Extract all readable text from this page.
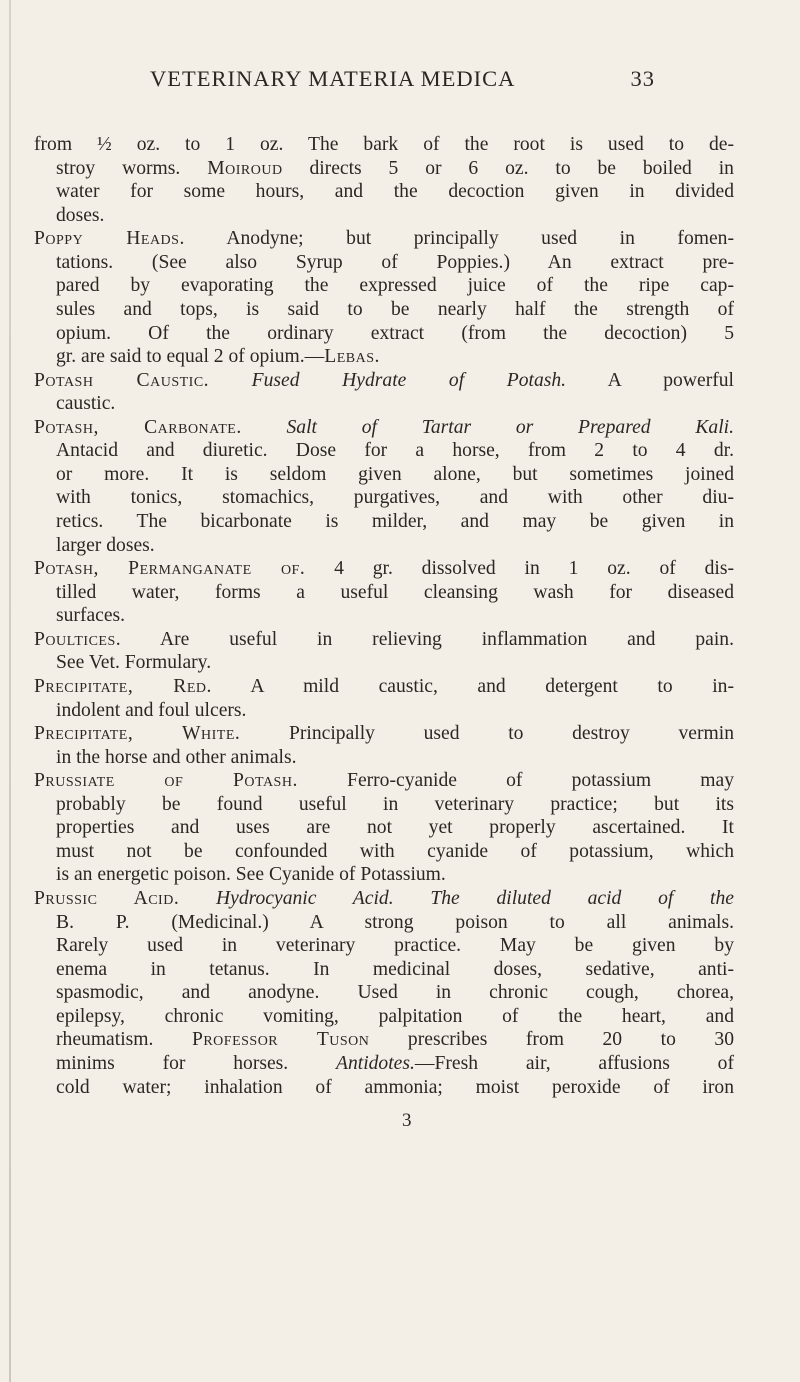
VETERINARY MATERIA MEDICA	33
from ½ oz. to 1 oz. The bark of the root is used to de-
stroy worms. Moiroud directs 5 or 6 oz. to be boiled in
water for some hours, and the decoction given in divided
doses.
Poppy Heads. Anodyne; but principally used in fomen-
tations. (See also Syrup of Poppies.) An extract pre-
pared by evaporating the expressed juice of the ripe cap-
sules and tops, is said to be nearly half the strength of
opium. Of the ordinary extract (from the decoction) 5
gr. are said to equal 2 of opium.—Lebas.
Potash Caustic. Fused Hydrate of Potash. A powerful
caustic.
Potash, Carbonate. Salt of Tartar or Prepared Kali.
Antacid and diuretic. Dose for a horse, from 2 to 4 dr.
or more. It is seldom given alone, but sometimes joined
with tonics, stomachics, purgatives, and with other diu-
retics. The bicarbonate is milder, and may be given in
larger doses.
Potash, Permanganate of. 4 gr. dissolved in 1 oz. of dis-
tilled water, forms a useful cleansing wash for diseased
surfaces.
Poultices. Are useful in relieving inflammation and pain.
See Vet. Formulary.
Precipitate, Red. A mild caustic, and detergent to in-
indolent and foul ulcers.
Precipitate, White. Principally used to destroy vermin
in the horse and other animals.
Prussiate of Potash. Ferro-cyanide of potassium may
probably be found useful in veterinary practice; but its
properties and uses are not yet properly ascertained. It
must not be confounded with cyanide of potassium, which
is an energetic poison. See Cyanide of Potassium.
Prussic Acid. Hydrocyanic Acid. The diluted acid of the
B. P. (Medicinal.) A strong poison to all animals.
Rarely used in veterinary practice. May be given by
enema in tetanus. In medicinal doses, sedative, anti-
spasmodic, and anodyne. Used in chronic cough, chorea,
epilepsy, chronic vomiting, palpitation of the heart, and
rheumatism. Professor Tuson prescribes from 20 to 30
minims for horses. Antidotes.—Fresh air, affusions of
cold water; inhalation of ammonia; moist peroxide of iron
3
